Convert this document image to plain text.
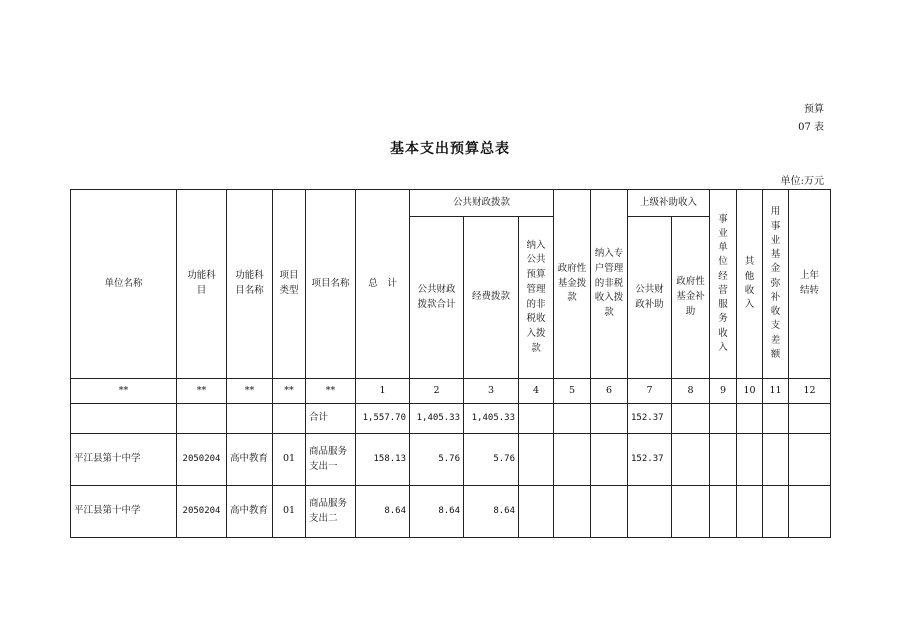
预算
07 表
基本支出预算总表
单位:万元
单位名称	功能科目	功能科目名称	项目类型	项目名称	总　计	公共财政拨款			政府性基金拨款	纳入专户管理的非税收入拨款	上级补助收入		事业单位经营服务收入	其他收入	用事业基金弥补收支差额	上年结转
						公共财政拨款合计	经费拨款	纳入公共预算管理的非税收入拨款			公共财政补助	政府性基金补助				

**	**	**	**	**	1	2	3	4	5	6	7	8	9	10	11	12
				合计	1,557.70	1,405.33	1,405.33				152.37					
平江县第十中学	2050204	高中教育	01	商品服务支出一	158.13	5.76	5.76				152.37					
平江县第十中学	2050204	高中教育	01	商品服务支出二	8.64	8.64	8.64									
